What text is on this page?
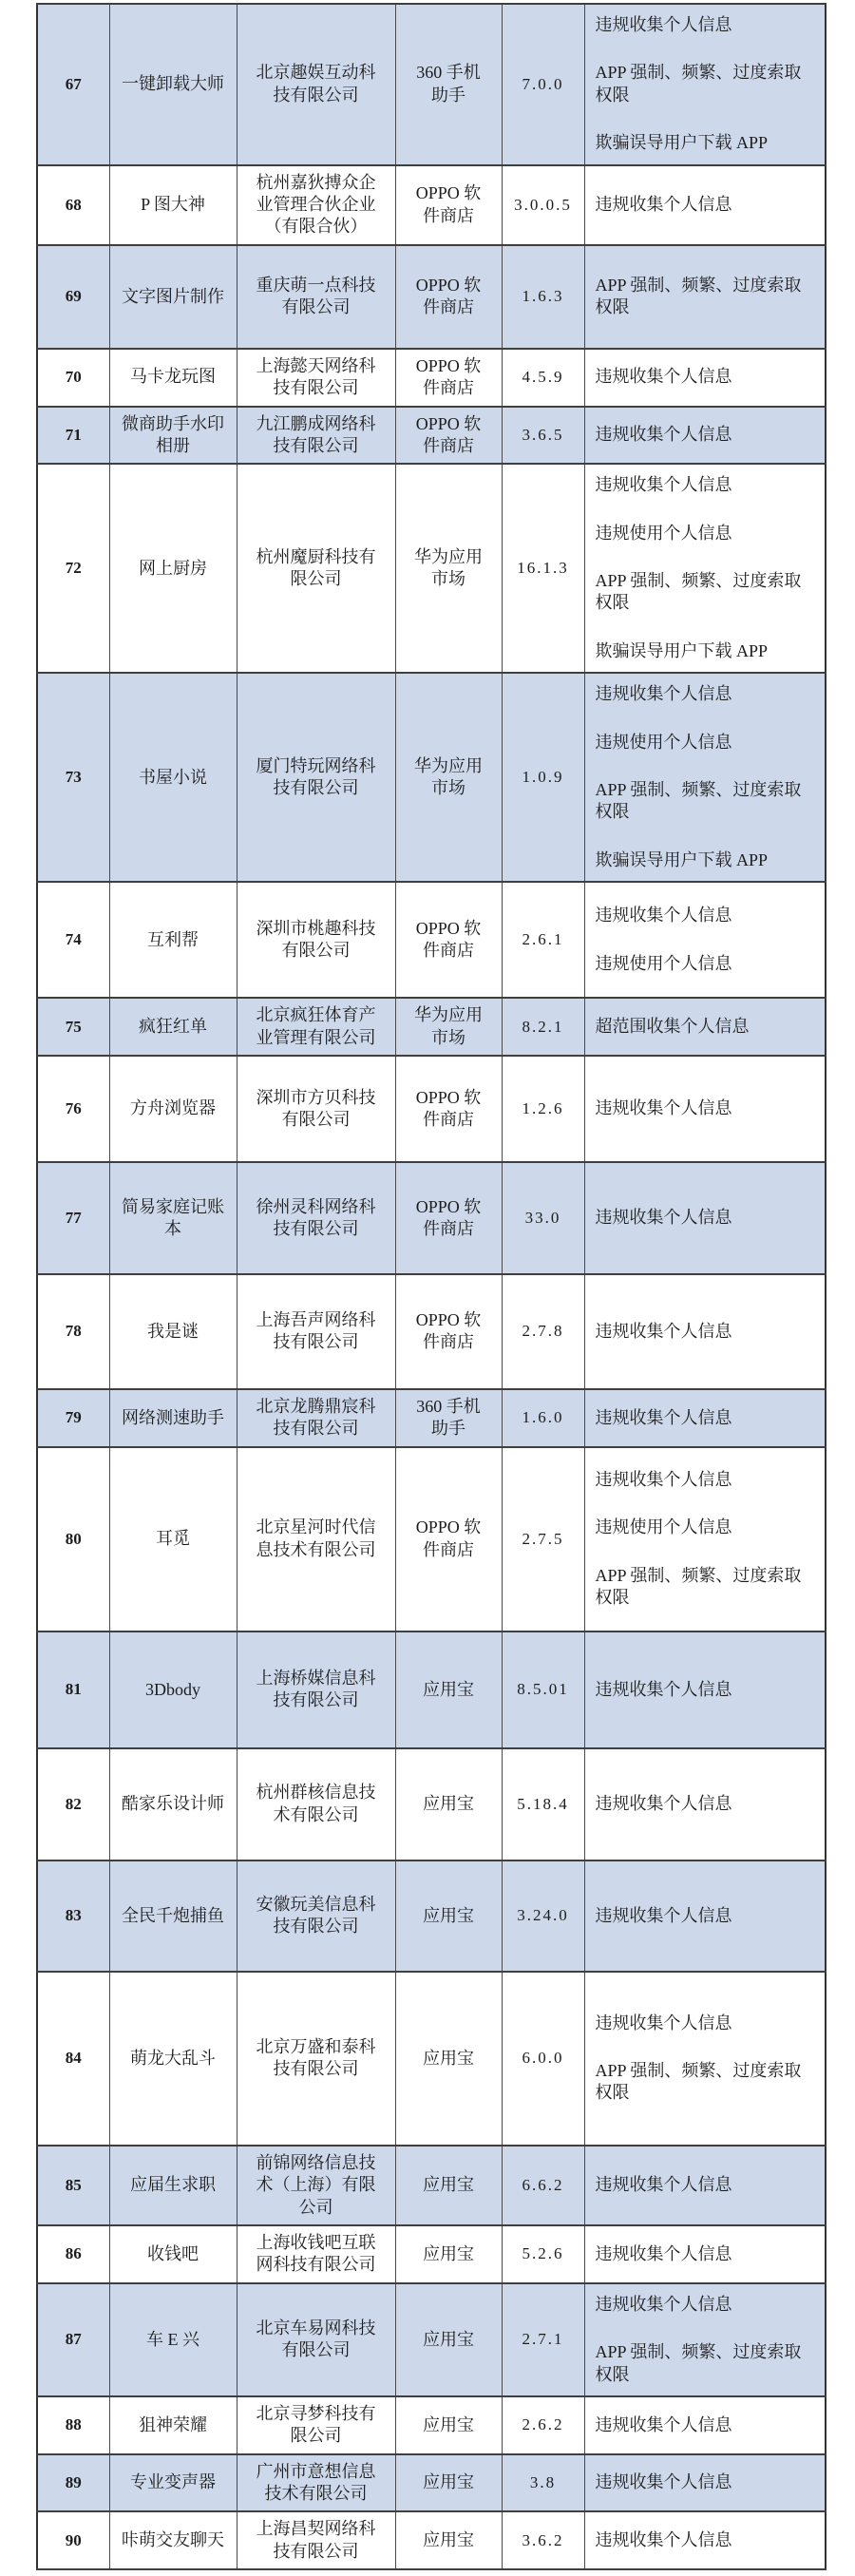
67	一键卸载大师	北京趣娱互动科技有限公司	360 手机助手	7.0.0	违规收集个人信息
APP 强制、频繁、过度索取权限
欺骗误导用户下载 APP

68	P 图大神	杭州嘉狄搏众企业管理合伙企业（有限合伙）	OPPO 软件商店	3.0.0.5	违规收集个人信息

69	文字图片制作	重庆萌一点科技有限公司	OPPO 软件商店	1.6.3	APP 强制、频繁、过度索取权限

70	马卡龙玩图	上海懿天网络科技有限公司	OPPO 软件商店	4.5.9	违规收集个人信息

71	微商助手水印相册	九江鹏成网络科技有限公司	OPPO 软件商店	3.6.5	违规收集个人信息

72	网上厨房	杭州魔厨科技有限公司	华为应用市场	16.1.3	违规收集个人信息
违规使用个人信息
APP 强制、频繁、过度索取权限
欺骗误导用户下载 APP

73	书屋小说	厦门特玩网络科技有限公司	华为应用市场	1.0.9	违规收集个人信息
违规使用个人信息
APP 强制、频繁、过度索取权限
欺骗误导用户下载 APP

74	互利帮	深圳市桃趣科技有限公司	OPPO 软件商店	2.6.1	违规收集个人信息
违规使用个人信息

75	疯狂红单	北京疯狂体育产业管理有限公司	华为应用市场	8.2.1	超范围收集个人信息

76	方舟浏览器	深圳市方贝科技有限公司	OPPO 软件商店	1.2.6	违规收集个人信息

77	简易家庭记账本	徐州灵科网络科技有限公司	OPPO 软件商店	33.0	违规收集个人信息

78	我是谜	上海吾声网络科技有限公司	OPPO 软件商店	2.7.8	违规收集个人信息

79	网络测速助手	北京龙腾鼎宸科技有限公司	360 手机助手	1.6.0	违规收集个人信息

80	耳觅	北京星河时代信息技术有限公司	OPPO 软件商店	2.7.5	违规收集个人信息
违规使用个人信息
APP 强制、频繁、过度索取权限

81	3Dbody	上海桥媒信息科技有限公司	应用宝	8.5.01	违规收集个人信息

82	酷家乐设计师	杭州群核信息技术有限公司	应用宝	5.18.4	违规收集个人信息

83	全民千炮捕鱼	安徽玩美信息科技有限公司	应用宝	3.24.0	违规收集个人信息

84	萌龙大乱斗	北京万盛和泰科技有限公司	应用宝	6.0.0	违规收集个人信息
APP 强制、频繁、过度索取权限

85	应届生求职	前锦网络信息技术（上海）有限公司	应用宝	6.6.2	违规收集个人信息

86	收钱吧	上海收钱吧互联网科技有限公司	应用宝	5.2.6	违规收集个人信息

87	车 E 兴	北京车易网科技有限公司	应用宝	2.7.1	违规收集个人信息
APP 强制、频繁、过度索取权限

88	狙神荣耀	北京寻梦科技有限公司	应用宝	2.6.2	违规收集个人信息

89	专业变声器	广州市意想信息技术有限公司	应用宝	3.8	违规收集个人信息

90	咔萌交友聊天	上海昌契网络科技有限公司	应用宝	3.6.2	违规收集个人信息
